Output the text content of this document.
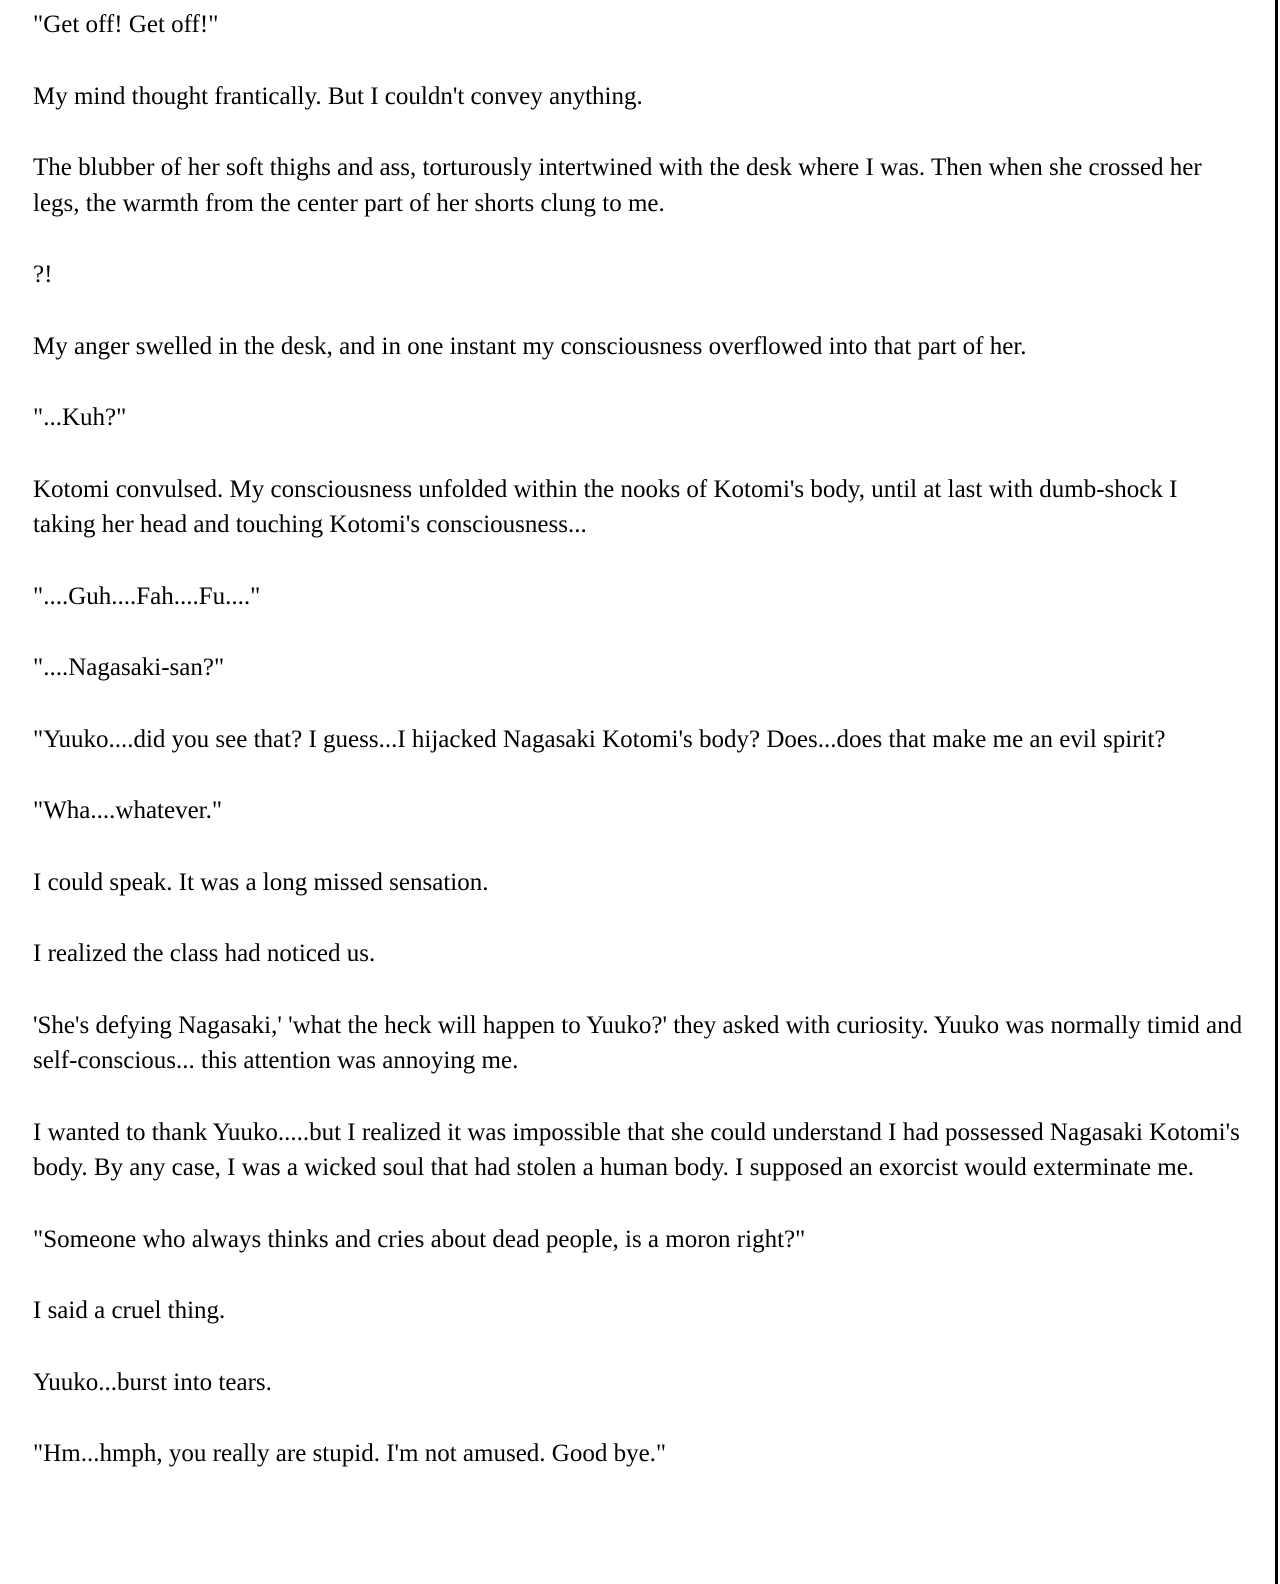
"Get off! Get off!"

My mind thought frantically. But I couldn't convey anything.

The blubber of her soft thighs and ass, torturously intertwined with the desk where I was. Then when she crossed her legs, the warmth from the center part of her shorts clung to me.

?!

My anger swelled in the desk, and in one instant my consciousness overflowed into that part of her.

"...Kuh?"

Kotomi convulsed. My consciousness unfolded within the nooks of Kotomi's body, until at last with dumb-shock I taking her head and touching Kotomi's consciousness...

"....Guh....Fah....Fu...."

"....Nagasaki-san?"

"Yuuko....did you see that? I guess...I hijacked Nagasaki Kotomi's body? Does...does that make me an evil spirit?

"Wha....whatever."

I could speak. It was a long missed sensation.

I realized the class had noticed us.

'She's defying Nagasaki,' 'what the heck will happen to Yuuko?' they asked with curiosity. Yuuko was normally timid and self-conscious... this attention was annoying me.

I wanted to thank Yuuko.....but I realized it was impossible that she could understand I had possessed Nagasaki Kotomi's body. By any case, I was a wicked soul that had stolen a human body. I supposed an exorcist would exterminate me.

"Someone who always thinks and cries about dead people, is a moron right?"

I said a cruel thing.

Yuuko...burst into tears.

"Hm...hmph, you really are stupid. I'm not amused. Good bye."
